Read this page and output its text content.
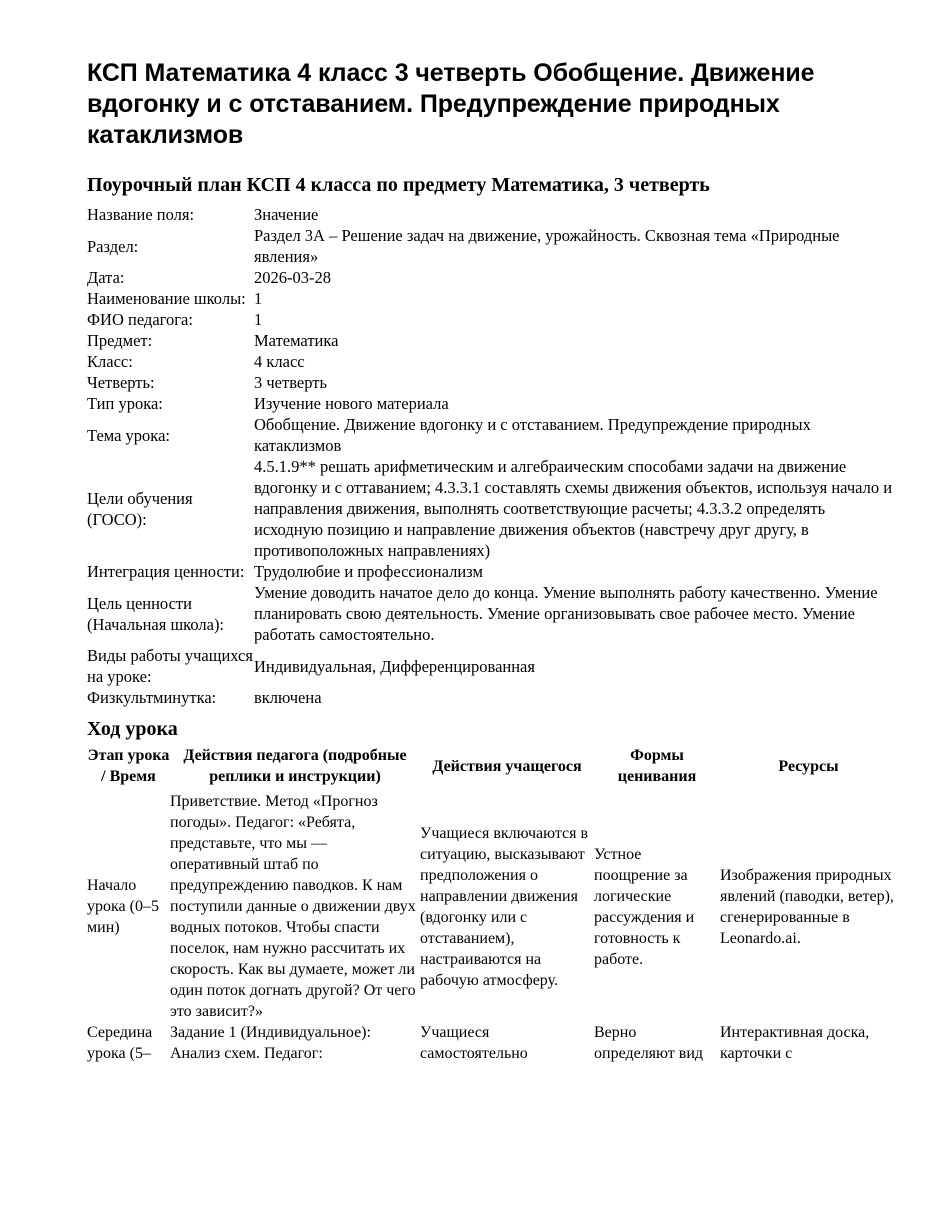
КСП Математика 4 класс 3 четверть Обобщение. Движение вдогонку и с отставанием. Предупреждение природных катаклизмов
Поурочный план КСП 4 класса по предмету Математика, 3 четверть
Название поля:	Значение
Раздел:	Раздел 3А – Решение задач на движение, урожайность. Сквозная тема «Природные явления»
Дата:	2026-03-28
Наименование школы:	1
ФИО педагога:	1
Предмет:	Математика
Класс:	4 класс
Четверть:	3 четверть
Тип урока:	Изучение нового материала
Тема урока:	Обобщение. Движение вдогонку и с отставанием. Предупреждение природных катаклизмов
Цели обучения (ГОСО):	4.5.1.9** решать арифметическим и алгебраическим способами задачи на движение вдогонку и с оттаванием; 4.3.3.1 составлять схемы движения объектов, используя начало и направления движения, выполнять соответствующие расчеты; 4.3.3.2 определять исходную позицию и направление движения объектов (навстречу друг другу, в противоположных направлениях)
Интеграция ценности:	Трудолюбие и профессионализм
Цель ценности (Начальная школа):	Умение доводить начатое дело до конца. Умение выполнять работу качественно. Умение планировать свою деятельность. Умение организовывать свое рабочее место. Умение работать самостоятельно.
Виды работы учащихся на уроке:	Индивидуальная, Дифференцированная
Физкультминутка:	включена
Ход урока
Этап урока / Время	Действия педагога (подробные реплики и инструкции)	Действия учащегося	Формы ценивания	Ресурсы
Начало урока (0–5 мин)	Приветствие. Метод «Прогноз погоды». Педагог: «Ребята, представьте, что мы — оперативный штаб по предупреждению паводков. К нам поступили данные о движении двух водных потоков. Чтобы спасти поселок, нам нужно рассчитать их скорость. Как вы думаете, может ли один поток догнать другой? От чего это зависит?»	Учащиеся включаются в ситуацию, высказывают предположения о направлении движения (вдогонку или с отставанием), настраиваются на рабочую атмосферу.	Устное поощрение за логические рассуждения и готовность к работе.	Изображения природных явлений (паводки, ветер), сгенерированные в Leonardo.ai.
Середина урока (5–	Задание 1 (Индивидуальное): Анализ схем. Педагог:	Учащиеся самостоятельно	Верно определяют вид	Интерактивная доска, карточки с
